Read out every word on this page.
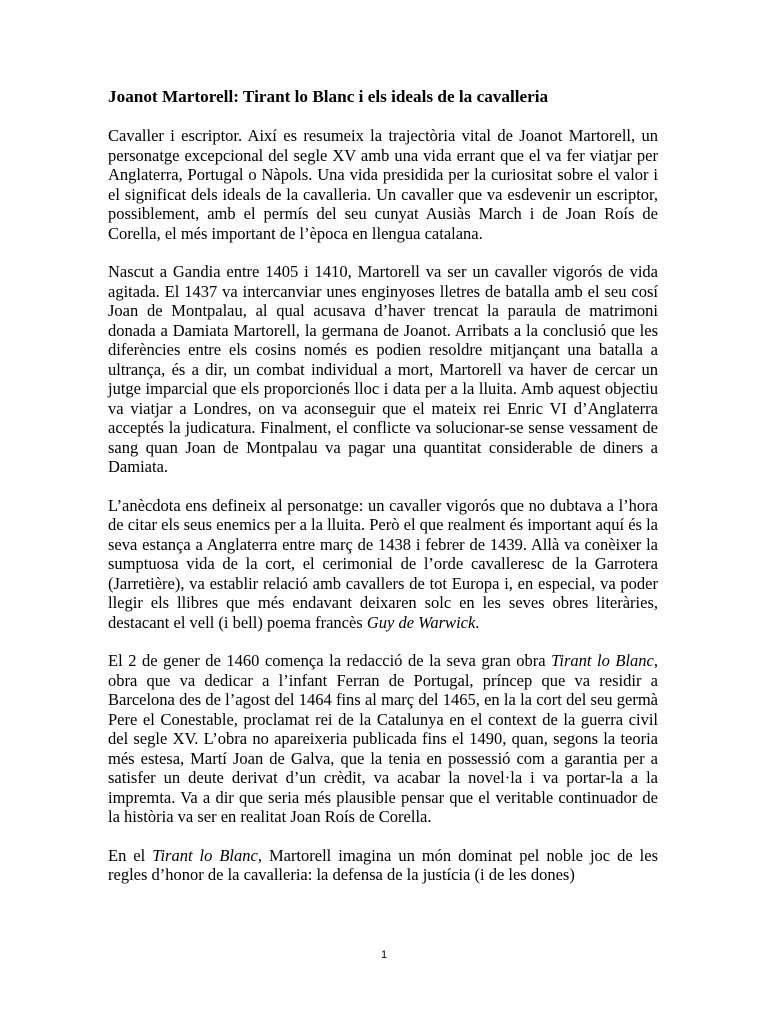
Joanot Martorell: Tirant lo Blanc i els ideals de la cavalleria

Cavaller i escriptor. Així es resumeix la trajectòria vital de Joanot Martorell, un personatge excepcional del segle XV amb una vida errant que el va fer viatjar per Anglaterra, Portugal o Nàpols. Una vida presidida per la curiositat sobre el valor i el significat dels ideals de la cavalleria. Un cavaller que va esdevenir un escriptor, possiblement, amb el permís del seu cunyat Ausiàs March i de Joan Roís de Corella, el més important de l’època en llengua catalana.

Nascut a Gandia entre 1405 i 1410, Martorell va ser un cavaller vigorós de vida agitada. El 1437 va intercanviar unes enginyoses lletres de batalla amb el seu cosí Joan de Montpalau, al qual acusava d’haver trencat la paraula de matrimoni donada a Damiata Martorell, la germana de Joanot. Arribats a la conclusió que les diferències entre els cosins només es podien resoldre mitjançant una batalla a ultrança, és a dir, un combat individual a mort, Martorell va haver de cercar un jutge imparcial que els proporcionés lloc i data per a la lluita. Amb aquest objectiu va viatjar a Londres, on va aconseguir que el mateix rei Enric VI d’Anglaterra acceptés la judicatura. Finalment, el conflicte va solucionar-se sense vessament de sang quan Joan de Montpalau va pagar una quantitat considerable de diners a Damiata.

L’anècdota ens defineix al personatge: un cavaller vigorós que no dubtava a l’hora de citar els seus enemics per a la lluita. Però el que realment és important aquí és la seva estança a Anglaterra entre març de 1438 i febrer de 1439. Allà va conèixer la sumptuosa vida de la cort, el cerimonial de l’orde cavalleresc de la Garrotera (Jarretière), va establir relació amb cavallers de tot Europa i, en especial, va poder llegir els llibres que més endavant deixaren solc en les seves obres literàries, destacant el vell (i bell) poema francès Guy de Warwick.

El 2 de gener de 1460 comença la redacció de la seva gran obra Tirant lo Blanc, obra que va dedicar a l’infant Ferran de Portugal, príncep que va residir a Barcelona des de l’agost del 1464 fins al març del 1465, en la la cort del seu germà Pere el Conestable, proclamat rei de la Catalunya en el context de la guerra civil del segle XV. L’obra no apareixeria publicada fins el 1490, quan, segons la teoria més estesa, Martí Joan de Galva, que la tenia en possessió com a garantia per a satisfer un deute derivat d’un crèdit, va acabar la novel·la i va portar-la a la impremta. Va a dir que seria més plausible pensar que el veritable continuador de la història va ser en realitat Joan Roís de Corella.

En el Tirant lo Blanc, Martorell imagina un món dominat pel noble joc de les regles d’honor de la cavalleria: la defensa de la justícia (i de les dones)

1
